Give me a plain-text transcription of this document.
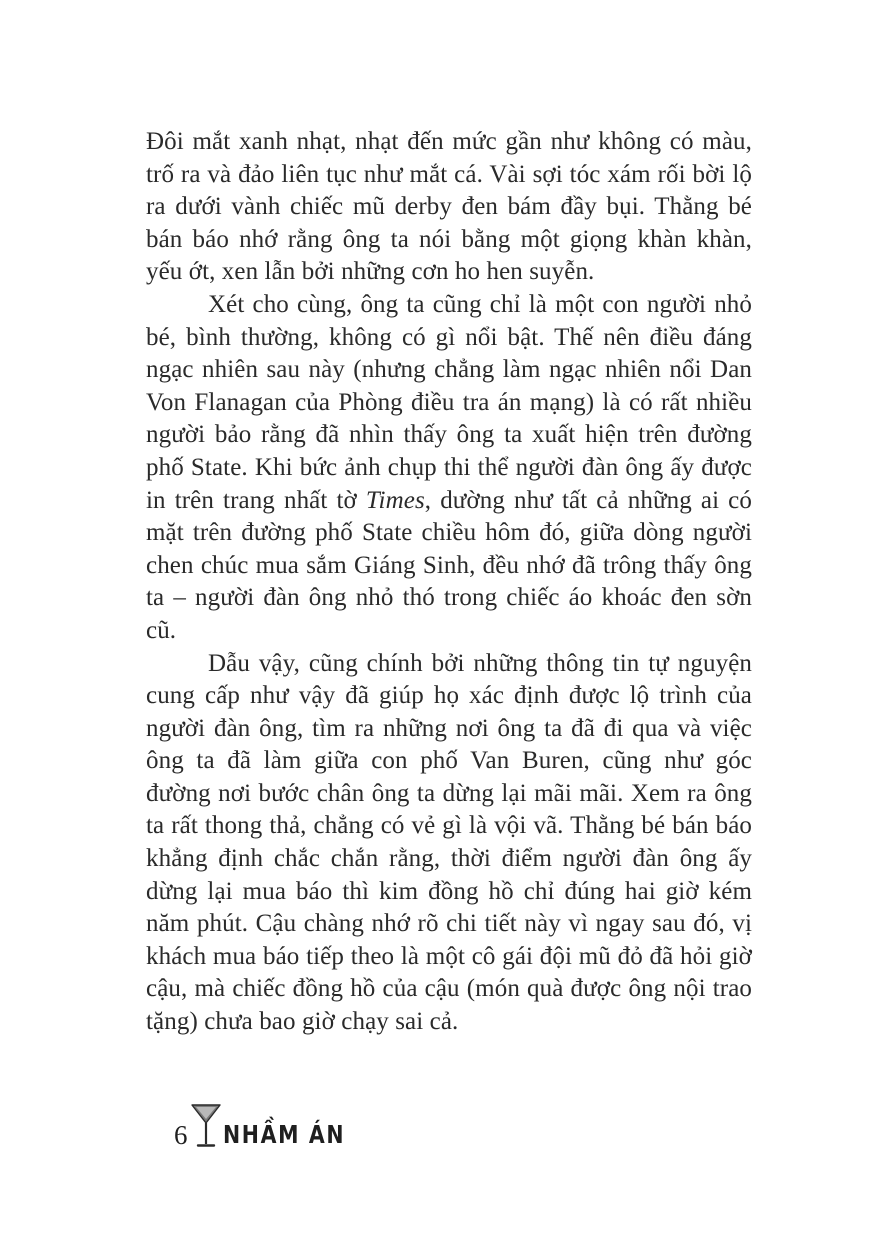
Đôi mắt xanh nhạt, nhạt đến mức gần như không có màu, trố ra và đảo liên tục như mắt cá. Vài sợi tóc xám rối bời lộ ra dưới vành chiếc mũ derby đen bám đầy bụi. Thằng bé bán báo nhớ rằng ông ta nói bằng một giọng khàn khàn, yếu ớt, xen lẫn bởi những cơn ho hen suyễn.

Xét cho cùng, ông ta cũng chỉ là một con người nhỏ bé, bình thường, không có gì nổi bật. Thế nên điều đáng ngạc nhiên sau này (nhưng chẳng làm ngạc nhiên nổi Dan Von Flanagan của Phòng điều tra án mạng) là có rất nhiều người bảo rằng đã nhìn thấy ông ta xuất hiện trên đường phố State. Khi bức ảnh chụp thi thể người đàn ông ấy được in trên trang nhất tờ Times, dường như tất cả những ai có mặt trên đường phố State chiều hôm đó, giữa dòng người chen chúc mua sắm Giáng Sinh, đều nhớ đã trông thấy ông ta – người đàn ông nhỏ thó trong chiếc áo khoác đen sờn cũ.

Dẫu vậy, cũng chính bởi những thông tin tự nguyện cung cấp như vậy đã giúp họ xác định được lộ trình của người đàn ông, tìm ra những nơi ông ta đã đi qua và việc ông ta đã làm giữa con phố Van Buren, cũng như góc đường nơi bước chân ông ta dừng lại mãi mãi. Xem ra ông ta rất thong thả, chẳng có vẻ gì là vội vã. Thằng bé bán báo khẳng định chắc chắn rằng, thời điểm người đàn ông ấy dừng lại mua báo thì kim đồng hồ chỉ đúng hai giờ kém năm phút. Cậu chàng nhớ rõ chi tiết này vì ngay sau đó, vị khách mua báo tiếp theo là một cô gái đội mũ đỏ đã hỏi giờ cậu, mà chiếc đồng hồ của cậu (món quà được ông nội trao tặng) chưa bao giờ chạy sai cả.

6 NHẦM ÁN
